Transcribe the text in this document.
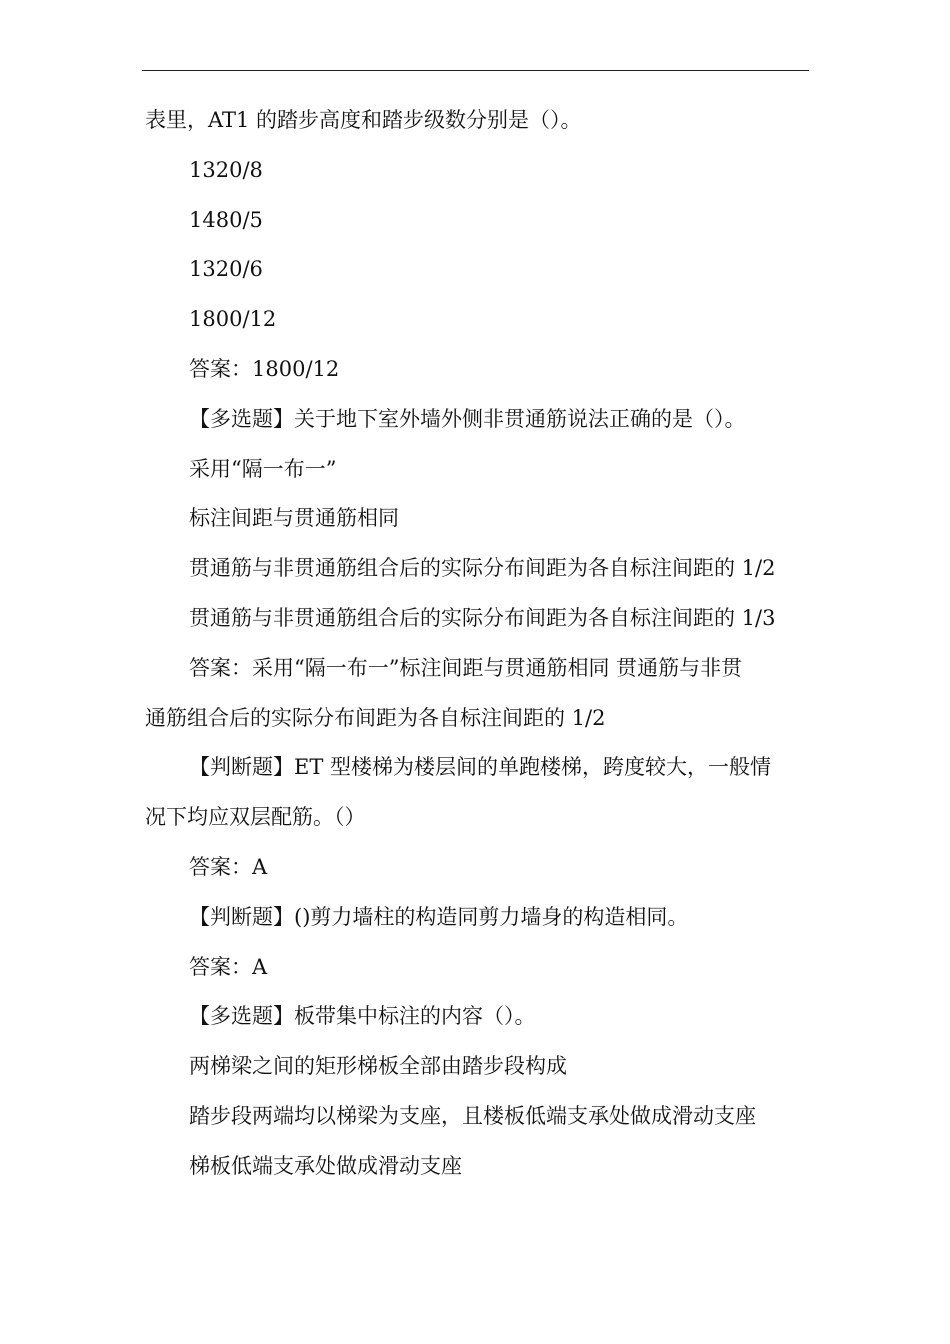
表里，AT1 的踏步高度和踏步级数分别是（）。
1320/8
1480/5
1320/6
1800/12
答案：1800/12
【多选题】关于地下室外墙外侧非贯通筋说法正确的是（）。
采用“隔一布一”
标注间距与贯通筋相同
贯通筋与非贯通筋组合后的实际分布间距为各自标注间距的 1/2
贯通筋与非贯通筋组合后的实际分布间距为各自标注间距的 1/3
答案：采用“隔一布一”标注间距与贯通筋相同 贯通筋与非贯
通筋组合后的实际分布间距为各自标注间距的 1/2
【判断题】ET 型楼梯为楼层间的单跑楼梯，跨度较大，一般情
况下均应双层配筋。（）
答案：A
【判断题】()剪力墙柱的构造同剪力墙身的构造相同。
答案：A
【多选题】板带集中标注的内容（）。
两梯梁之间的矩形梯板全部由踏步段构成
踏步段两端均以梯梁为支座，且楼板低端支承处做成滑动支座
梯板低端支承处做成滑动支座
